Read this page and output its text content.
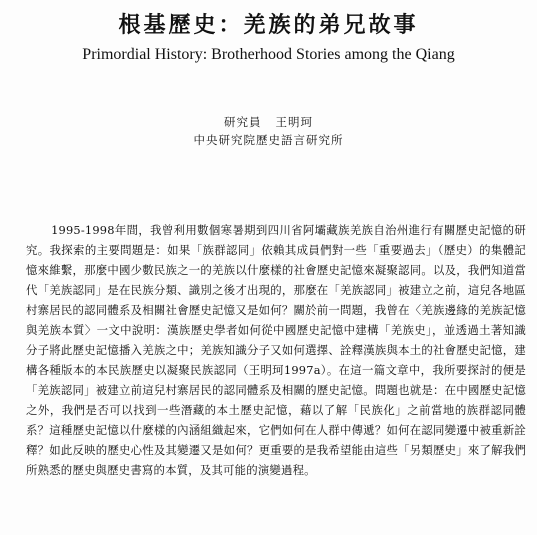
根基歷史：羌族的弟兄故事
Primordial History: Brotherhood Stories among the Qiang
研究員 王明珂
中央研究院歷史語言研究所

1995-1998年間，我曾利用數個寒暑期到四川省阿壩藏族羌族自治州進行有關歷史記憶的研究。我探索的主要問題是：如果「族群認同」依賴其成員們對一些「重要過去」（歷史）的集體記憶來維繫，那麼中國少數民族之一的羌族以什麼樣的社會歷史記憶來凝聚認同。以及，我們知道當代「羌族認同」是在民族分類、識別之後才出現的，那麼在「羌族認同」被建立之前，這兒各地區村寨居民的認同體系及相關社會歷史記憶又是如何？關於前一問題，我曾在〈羌族邊緣的羌族記憶與羌族本質〉一文中說明：漢族歷史學者如何從中國歷史記憶中建構「羌族史」，並透過土著知識分子將此歷史記憶播入羌族之中；羌族知識分子又如何選擇、詮釋漢族與本土的社會歷史記憶，建構各種版本的本民族歷史以凝聚民族認同（王明珂1997a）。在這一篇文章中，我所要探討的便是「羌族認同」被建立前這兒村寨居民的認同體系及相關的歷史記憶。問題也就是：在中國歷史記憶之外，我們是否可以找到一些潛藏的本土歷史記憶，藉以了解「民族化」之前當地的族群認同體系？這種歷史記憶以什麼樣的內涵組織起來，它們如何在人群中傳遞？如何在認同變遷中被重新詮釋？如此反映的歷史心性及其變遷又是如何？更重要的是我希望能由這些「另類歷史」來了解我們所熟悉的歷史與歷史書寫的本質，及其可能的演變過程。
